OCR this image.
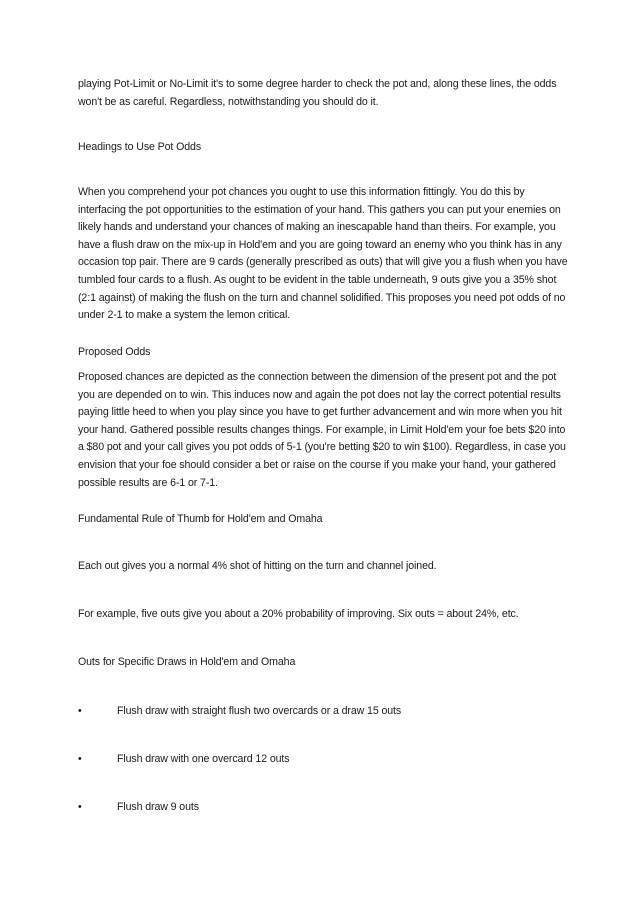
playing Pot-Limit or No-Limit it's to some degree harder to check the pot and, along these lines, the odds won't be as careful. Regardless, notwithstanding you should do it.

Headings to Use Pot Odds

When you comprehend your pot chances you ought to use this information fittingly. You do this by interfacing the pot opportunities to the estimation of your hand. This gathers you can put your enemies on likely hands and understand your chances of making an inescapable hand than theirs. For example, you have a flush draw on the mix-up in Hold'em and you are going toward an enemy who you think has in any occasion top pair. There are 9 cards (generally prescribed as outs) that will give you a flush when you have tumbled four cards to a flush. As ought to be evident in the table underneath, 9 outs give you a 35% shot (2:1 against) of making the flush on the turn and channel solidified. This proposes you need pot odds of no under 2-1 to make a system the lemon critical.

Proposed Odds

Proposed chances are depicted as the connection between the dimension of the present pot and the pot you are depended on to win. This induces now and again the pot does not lay the correct potential results paying little heed to when you play since you have to get further advancement and win more when you hit your hand. Gathered possible results changes things. For example, in Limit Hold'em your foe bets $20 into a $80 pot and your call gives you pot odds of 5-1 (you're betting $20 to win $100). Regardless, in case you envision that your foe should consider a bet or raise on the course if you make your hand, your gathered possible results are 6-1 or 7-1.

Fundamental Rule of Thumb for Hold'em and Omaha

Each out gives you a normal 4% shot of hitting on the turn and channel joined.

For example, five outs give you about a 20% probability of improving. Six outs = about 24%, etc.

Outs for Specific Draws in Hold'em and Omaha

•	Flush draw with straight flush two overcards or a draw 15 outs
•	Flush draw with one overcard 12 outs
•	Flush draw 9 outs
